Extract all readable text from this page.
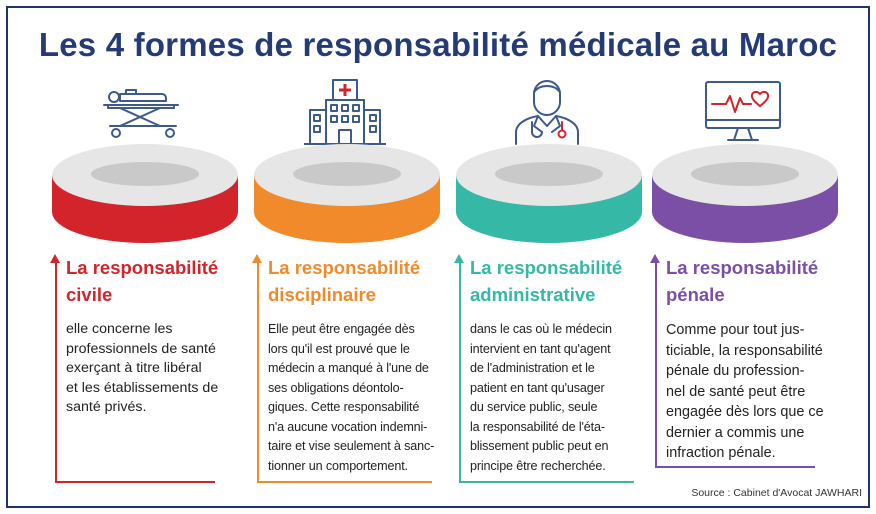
Les 4 formes de responsabilité médicale au Maroc
La responsabilité
civile
elle concerne les
professionnels de santé
exerçant à titre libéral
et les établissements de
santé privés.
La responsabilité
disciplinaire
Elle peut être engagée dès
lors qu'il est prouvé que le
médecin a manqué à l'une de
ses obligations déontolo-
giques. Cette responsabilité
n'a aucune vocation indemni-
taire et vise seulement à sanc-
tionner un comportement.
La responsabilité
administrative
dans le cas où le médecin
intervient en tant qu'agent
de l'administration et le
patient en tant qu'usager
du service public, seule
la responsabilité de l'éta-
blissement public peut en
principe être recherchée.
La responsabilité
pénale
Comme pour tout jus-
ticiable, la responsabilité
pénale du profession-
nel de santé peut être
engagée dès lors que ce
dernier a commis une
infraction pénale.
Source : Cabinet d'Avocat JAWHARI
